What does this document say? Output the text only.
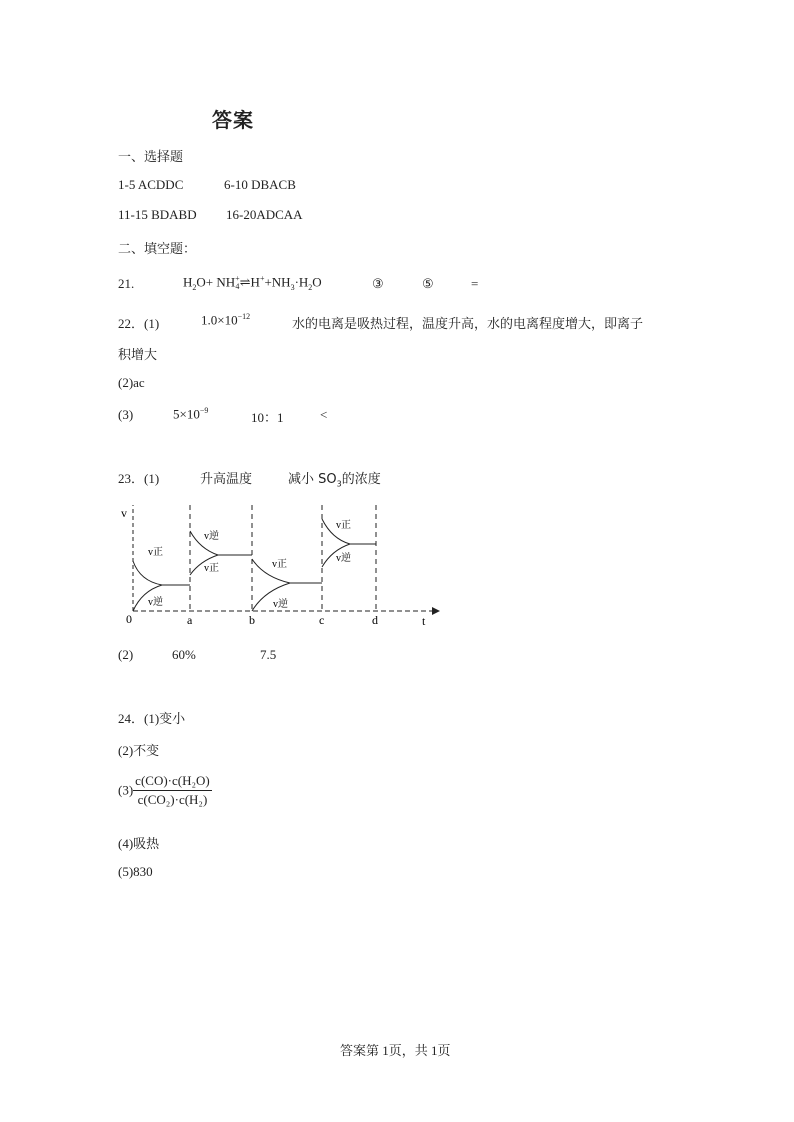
答案
一、选择题
1-5 ACDDC	6-10 DBACB
11-15 BDABD 16-20ADCAA
二、填空题：
21.	$H_2O+$ NH +
4 $\rightleftharpoons H^++NH_3\cdot H_2O$	③	⑤	=
22．(1)	$1.0\times 10^{-12}$
水的电离是吸热过程，温度升高，水的电离程度增大，即离子
积增大
(2)ac
(3)	$5\times 10^{-9}$	10：1	<
23．(1)	升高温度	减小 $SO_3$的浓度
v
t
0	a	b	c	d
v正
v逆
v逆
v正	v正
v逆
v正
v逆
(2)	60%	7.5
24．(1)变小
(2)不变
$(3) \frac{\text{c(CO)·c(H₂O)}}{\text{c(CO₂)·c(H₂)}}$
(4)吸热
(5)830
答案第 1页，共 1页
